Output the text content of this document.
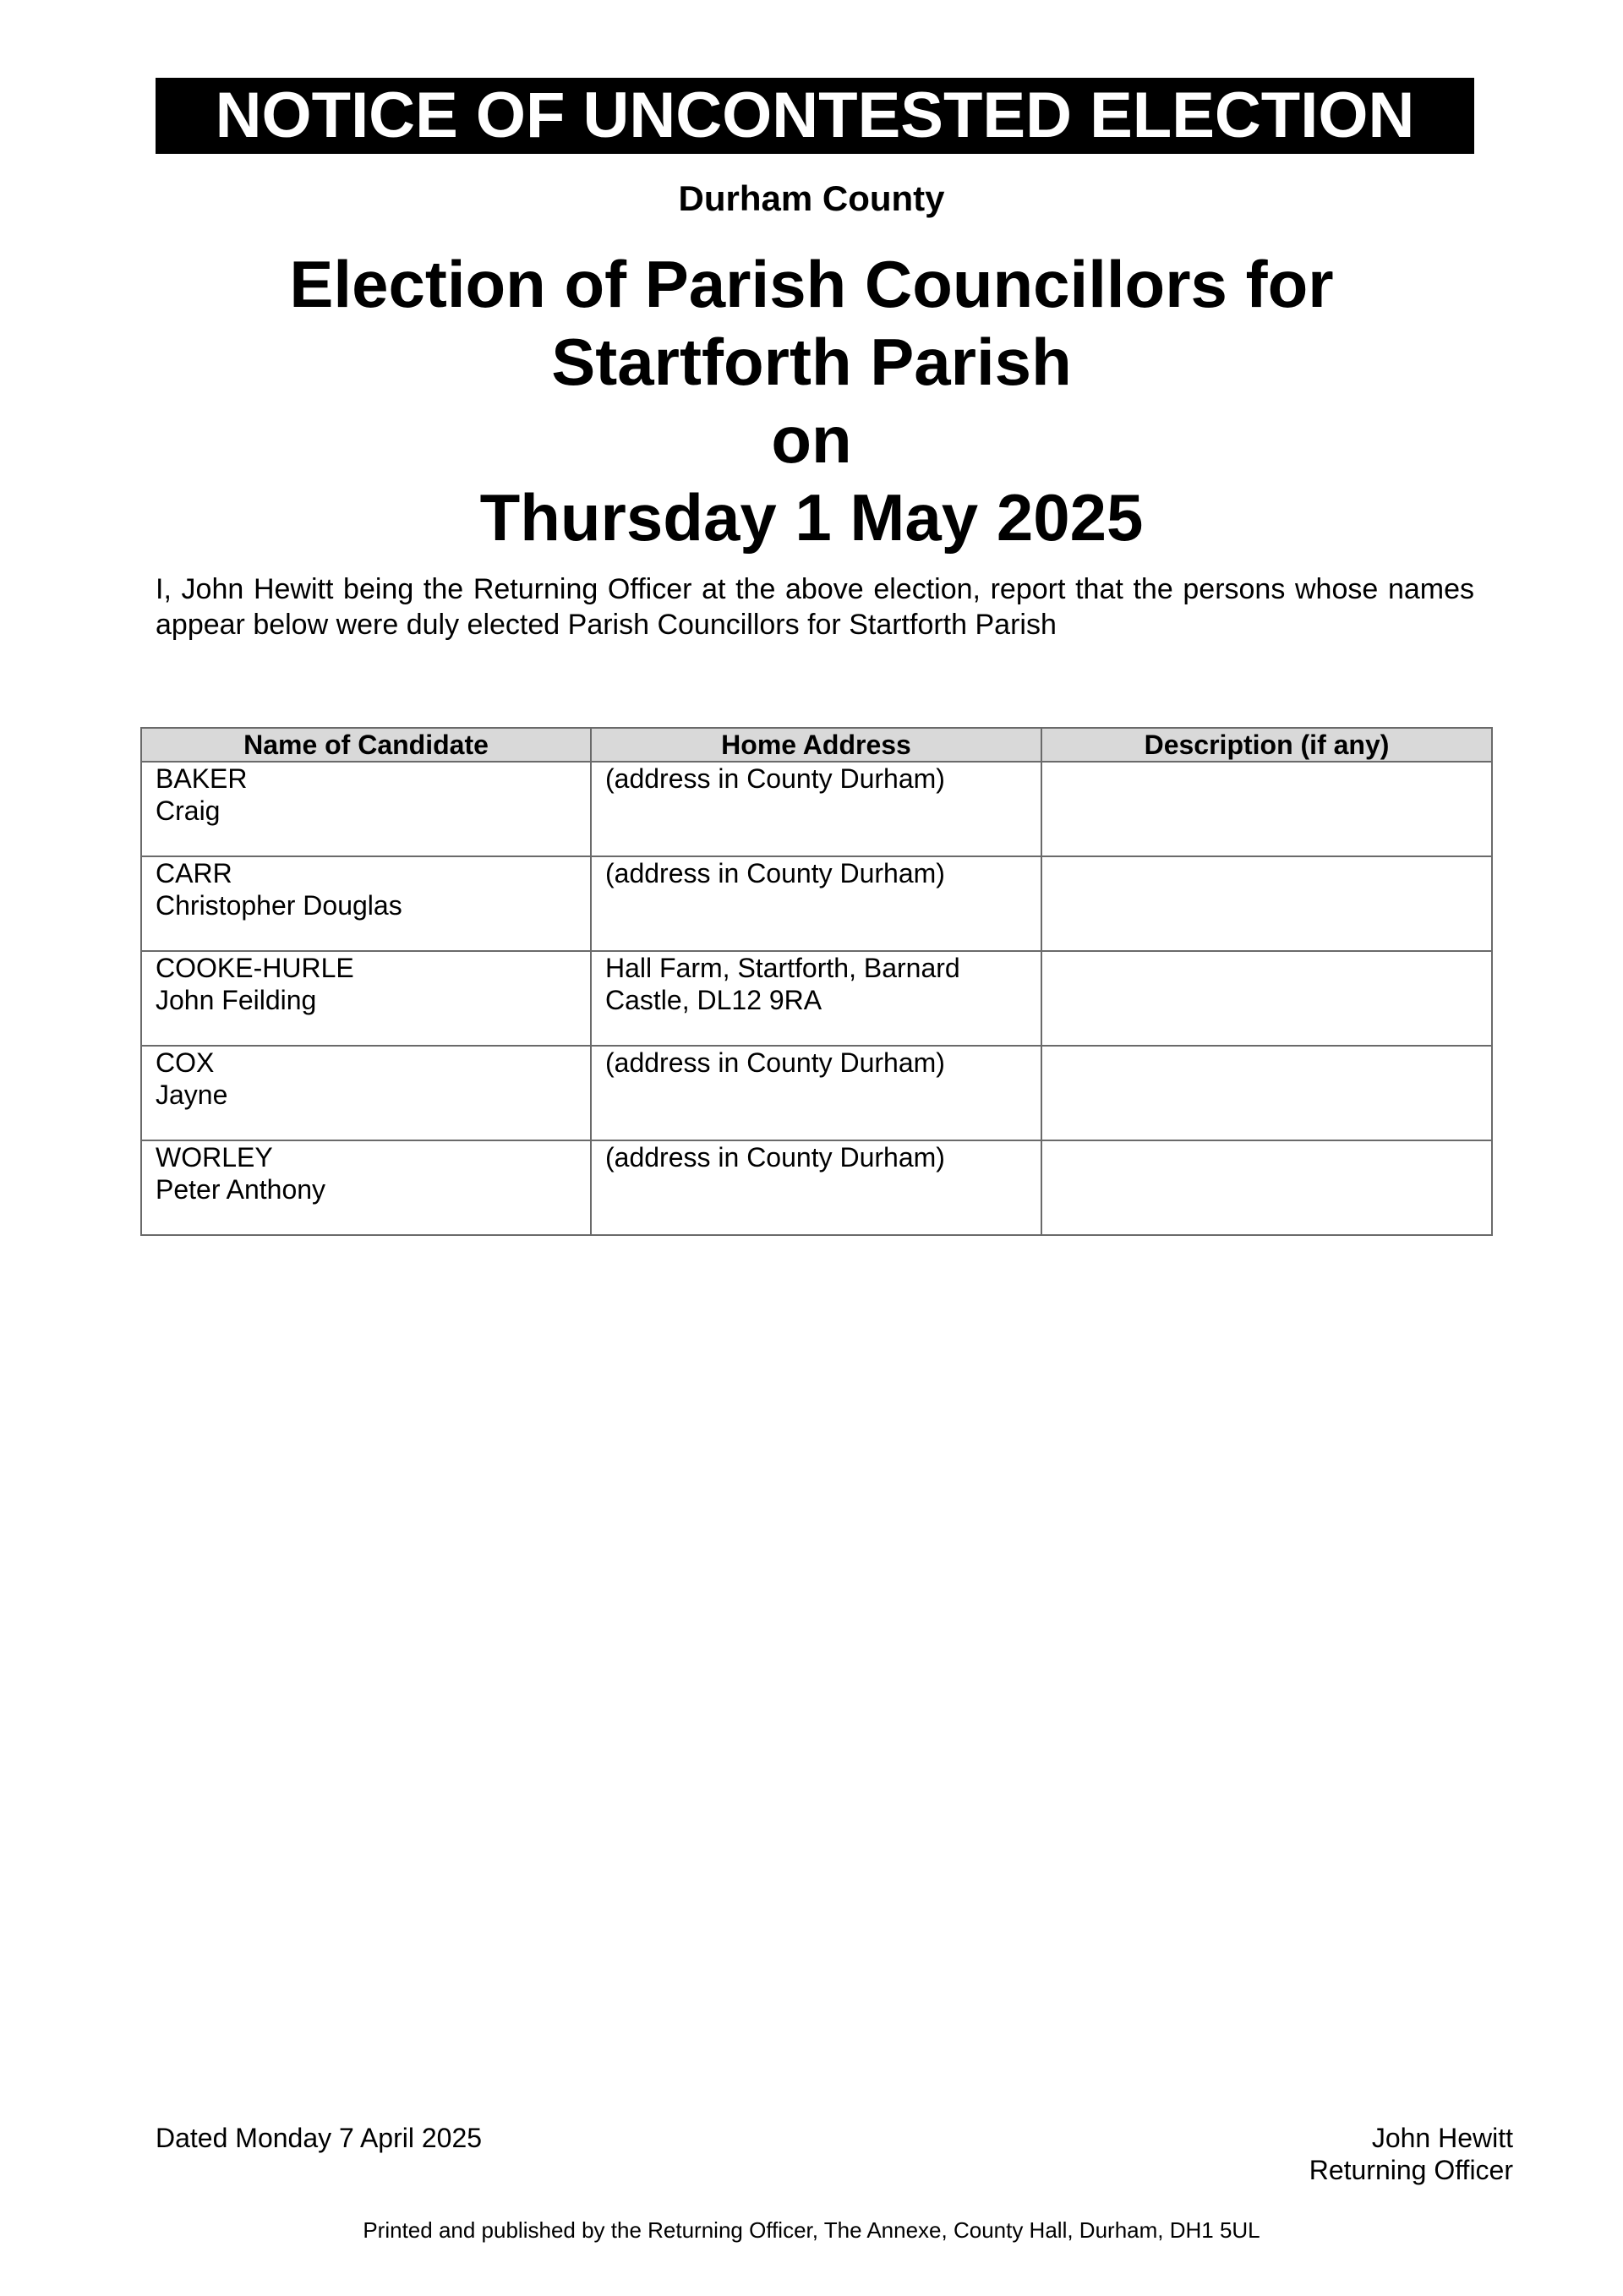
NOTICE OF UNCONTESTED ELECTION
Durham County
Election of Parish Councillors for
Startforth Parish
on
Thursday 1 May 2025
I, John Hewitt being the Returning Officer at the above election, report that the persons whose names appear below were duly elected Parish Councillors for Startforth Parish
Name of Candidate	Home Address	Description (if any)

BAKER
Craig	(address in County Durham)	

CARR
Christopher Douglas	(address in County Durham)	

COOKE-HURLE
John Feilding	Hall Farm, Startforth, Barnard
Castle, DL12 9RA	

COX
Jayne	(address in County Durham)	

WORLEY
Peter Anthony	(address in County Durham)	

Dated Monday 7 April 2025	John Hewitt
Returning Officer
Printed and published by the Returning Officer, The Annexe, County Hall, Durham, DH1 5UL
